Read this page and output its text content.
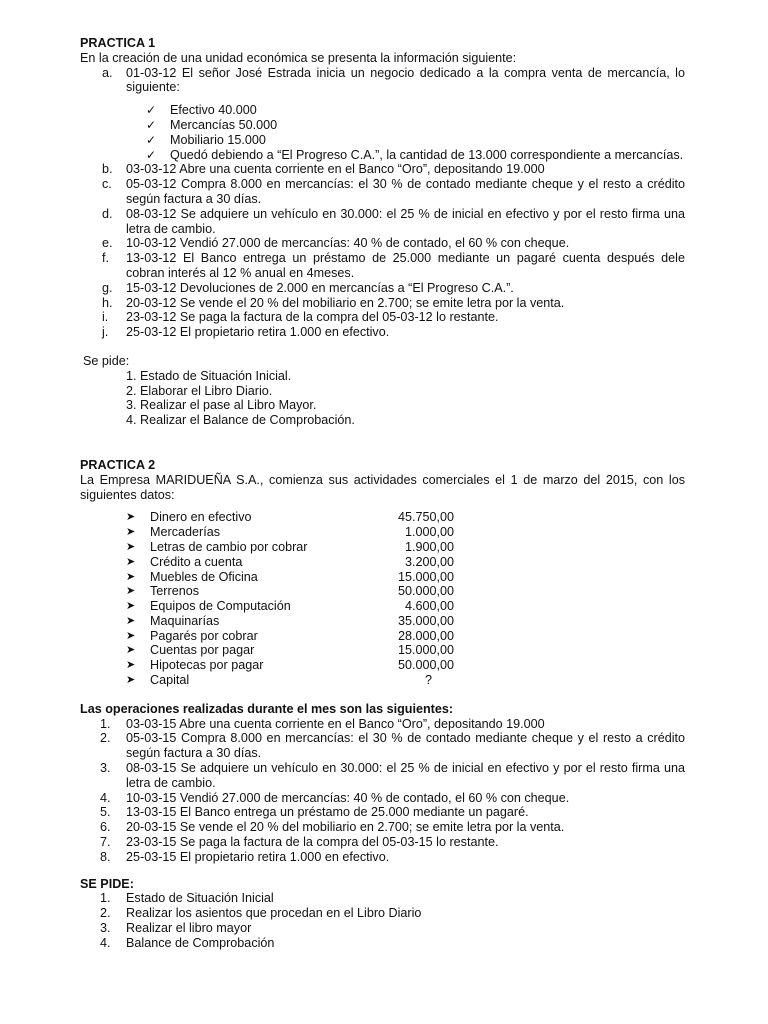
PRACTICA 1
En la creación de una unidad económica se presenta la información siguiente:
a. 01-03-12 El señor José Estrada inicia un negocio dedicado a la compra venta de mercancía, lo siguiente:
✓ Efectivo 40.000
✓ Mercancías 50.000
✓ Mobiliario 15.000
✓ Quedó debiendo a “El Progreso C.A.”, la cantidad de 13.000 correspondiente a mercancías.
b. 03-03-12 Abre una cuenta corriente en el Banco “Oro”, depositando 19.000
c. 05-03-12 Compra 8.000 en mercancías: el 30 % de contado mediante cheque y el resto a crédito según factura a 30 días.
d. 08-03-12 Se adquiere un vehículo en 30.000: el 25 % de inicial en efectivo y por el resto firma una letra de cambio.
e. 10-03-12 Vendió 27.000 de mercancías: 40 % de contado, el 60 % con cheque.
f. 13-03-12 El Banco entrega un préstamo de 25.000 mediante un pagaré cuenta después dele cobran interés al 12 % anual en 4meses.
g. 15-03-12 Devoluciones de 2.000 en mercancías a “El Progreso C.A.”.
h. 20-03-12 Se vende el 20 % del mobiliario en 2.700; se emite letra por la venta.
i. 23-03-12 Se paga la factura de la compra del 05-03-12 lo restante.
j. 25-03-12 El propietario retira 1.000 en efectivo.
Se pide:
1. Estado de Situación Inicial.
2. Elaborar el Libro Diario.
3. Realizar el pase al Libro Mayor.
4. Realizar el Balance de Comprobación.
PRACTICA 2
La Empresa MARIDUEÑA S.A., comienza sus actividades comerciales el 1 de marzo del 2015, con los siguientes datos:
➤ Dinero en efectivo	45.750,00
➤ Mercaderías	1.000,00
➤ Letras de cambio por cobrar	1.900,00
➤ Crédito a cuenta	3.200,00
➤ Muebles de Oficina	15.000,00
➤ Terrenos	50.000,00
➤ Equipos de Computación	4.600,00
➤ Maquinarías	35.000,00
➤ Pagarés por cobrar	28.000,00
➤ Cuentas por pagar	15.000,00
➤ Hipotecas por pagar	50.000,00
➤ Capital	?
Las operaciones realizadas durante el mes son las siguientes:
1. 03-03-15 Abre una cuenta corriente en el Banco “Oro”, depositando 19.000
2. 05-03-15 Compra 8.000 en mercancías: el 30 % de contado mediante cheque y el resto a crédito según factura a 30 días.
3. 08-03-15 Se adquiere un vehículo en 30.000: el 25 % de inicial en efectivo y por el resto firma una letra de cambio.
4. 10-03-15 Vendió 27.000 de mercancías: 40 % de contado, el 60 % con cheque.
5. 13-03-15 El Banco entrega un préstamo de 25.000 mediante un pagaré.
6. 20-03-15 Se vende el 20 % del mobiliario en 2.700; se emite letra por la venta.
7. 23-03-15 Se paga la factura de la compra del 05-03-15 lo restante.
8. 25-03-15 El propietario retira 1.000 en efectivo.
SE PIDE:
1. Estado de Situación Inicial
2. Realizar los asientos que procedan en el Libro Diario
3. Realizar el libro mayor
4. Balance de Comprobación
